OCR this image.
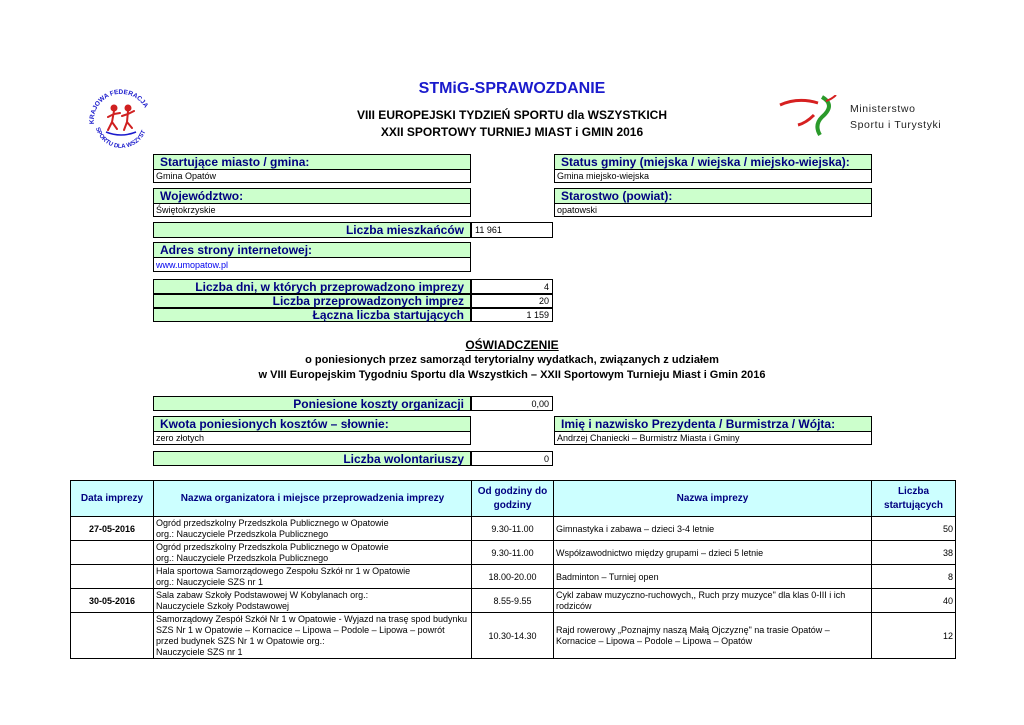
KRAJOWA FEDERACJA
SPORTU DLA WSZYST
Ministerstwo
Sportu i Turystyki
STMiG-SPRAWOZDANIE
VIII EUROPEJSKI TYDZIEŃ SPORTU dla WSZYSTKICH
XXII SPORTOWY TURNIEJ MIAST i GMIN 2016
Startujące miasto / gmina:
Gmina Opatów
Status gminy (miejska / wiejska / miejsko-wiejska):
Gmina miejsko-wiejska
Województwo:
Świętokrzyskie
Starostwo (powiat):
opatowski
Liczba mieszkańców	11 961
Adres strony internetowej:
www.umopatow.pl
Liczba dni, w których przeprowadzono imprezy	4
Liczba przeprowadzonych imprez	20
Łączna liczba startujących	1 159
OŚWIADCZENIE
o poniesionych przez samorząd terytorialny wydatkach, związanych z udziałem
w VIII Europejskim Tygodniu Sportu dla Wszystkich – XXII Sportowym Turnieju Miast i Gmin 2016
Poniesione koszty organizacji	0,00
Kwota poniesionych kosztów – słownie:
zero złotych
Imię i nazwisko Prezydenta / Burmistrza / Wójta:
Andrzej Chaniecki – Burmistrz Miasta i Gminy
Liczba wolontariuszy	0
Data imprezy	Nazwa organizatora i miejsce przeprowadzenia imprezy	Od godziny do godziny	Nazwa imprezy	Liczba startujących
27-05-2016	Ogród przedszkolny Przedszkola Publicznego w Opatowie
org.: Nauczyciele Przedszkola Publicznego	9.30-11.00	Gimnastyka i zabawa – dzieci 3-4 letnie	50
	Ogród przedszkolny Przedszkola Publicznego w Opatowie
org.: Nauczyciele Przedszkola Publicznego	9.30-11.00	Współzawodnictwo między grupami – dzieci 5 letnie	38
	Hala sportowa Samorządowego Zespołu Szkół nr 1 w Opatowie
org.: Nauczyciele SZS nr 1	18.00-20.00	Badminton – Turniej open	8
30-05-2016	Sala zabaw Szkoły Podstawowej W Kobylanach org.:
Nauczyciele Szkoły Podstawowej	8.55-9.55	Cykl zabaw muzyczno-ruchowych,, Ruch przy muzyce" dla klas 0-III i ich rodziców	40
	Samorządowy Zespół Szkół Nr 1 w Opatowie - Wyjazd na trasę spod budynku SZS Nr 1 w Opatowie – Kornacice – Lipowa – Podole – Lipowa – powrót przed budynek SZS Nr 1 w Opatowie org.:
Nauczyciele SZS nr 1	10.30-14.30	Rajd rowerowy „Poznajmy naszą Małą Ojczyznę" na trasie Opatów – Kornacice – Lipowa – Podole – Lipowa – Opatów	12
